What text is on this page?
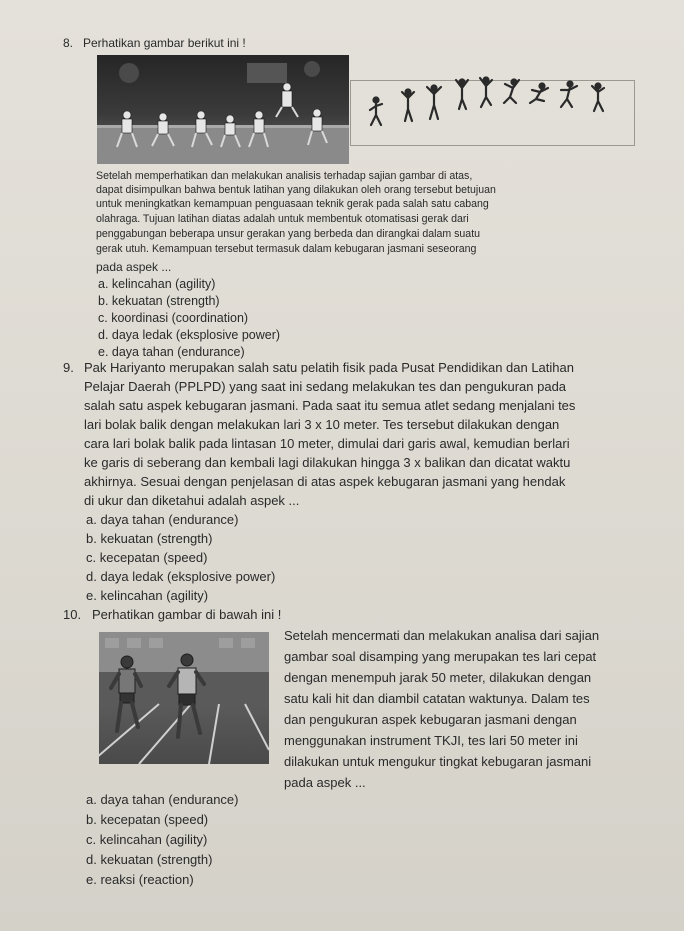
8. Perhatikan gambar berikut ini !
Setelah memperhatikan dan melakukan analisis terhadap sajian gambar di atas,
dapat disimpulkan bahwa bentuk latihan yang dilakukan oleh orang tersebut betujuan
untuk meningkatkan kemampuan penguasaan teknik gerak pada salah satu cabang
olahraga. Tujuan latihan diatas adalah untuk membentuk otomatisasi gerak dari
penggabungan beberapa unsur gerakan yang berbeda dan dirangkai dalam suatu
gerak utuh. Kemampuan tersebut termasuk dalam kebugaran jasmani seseorang
pada aspek ...
a. kelincahan (agility)
b. kekuatan (strength)
c. koordinasi (coordination)
d. daya ledak (eksplosive power)
e. daya tahan (endurance)
9. Pak Hariyanto merupakan salah satu pelatih fisik pada Pusat Pendidikan dan Latihan
Pelajar Daerah (PPLPD) yang saat ini sedang melakukan tes dan pengukuran pada
salah satu aspek kebugaran jasmani. Pada saat itu semua atlet sedang menjalani tes
lari bolak balik dengan melakukan lari 3 x 10 meter. Tes tersebut dilakukan dengan
cara lari bolak balik pada lintasan 10 meter, dimulai dari garis awal, kemudian berlari
ke garis di seberang dan kembali lagi dilakukan hingga 3 x balikan dan dicatat waktu
akhirnya. Sesuai dengan penjelasan di atas aspek kebugaran jasmani yang hendak
di ukur dan diketahui adalah aspek ...
a. daya tahan (endurance)
b. kekuatan (strength)
c. kecepatan (speed)
d. daya ledak (eksplosive power)
e. kelincahan (agility)
10. Perhatikan gambar di bawah ini !
Setelah mencermati dan melakukan analisa dari sajian
gambar soal disamping yang merupakan tes lari cepat
dengan menempuh jarak 50 meter, dilakukan dengan
satu kali hit dan diambil catatan waktunya. Dalam tes
dan pengukuran aspek kebugaran jasmani dengan
menggunakan instrument TKJI, tes lari 50 meter ini
dilakukan untuk mengukur tingkat kebugaran jasmani
pada aspek ...
a. daya tahan (endurance)
b. kecepatan (speed)
c. kelincahan (agility)
d. kekuatan (strength)
e. reaksi (reaction)
